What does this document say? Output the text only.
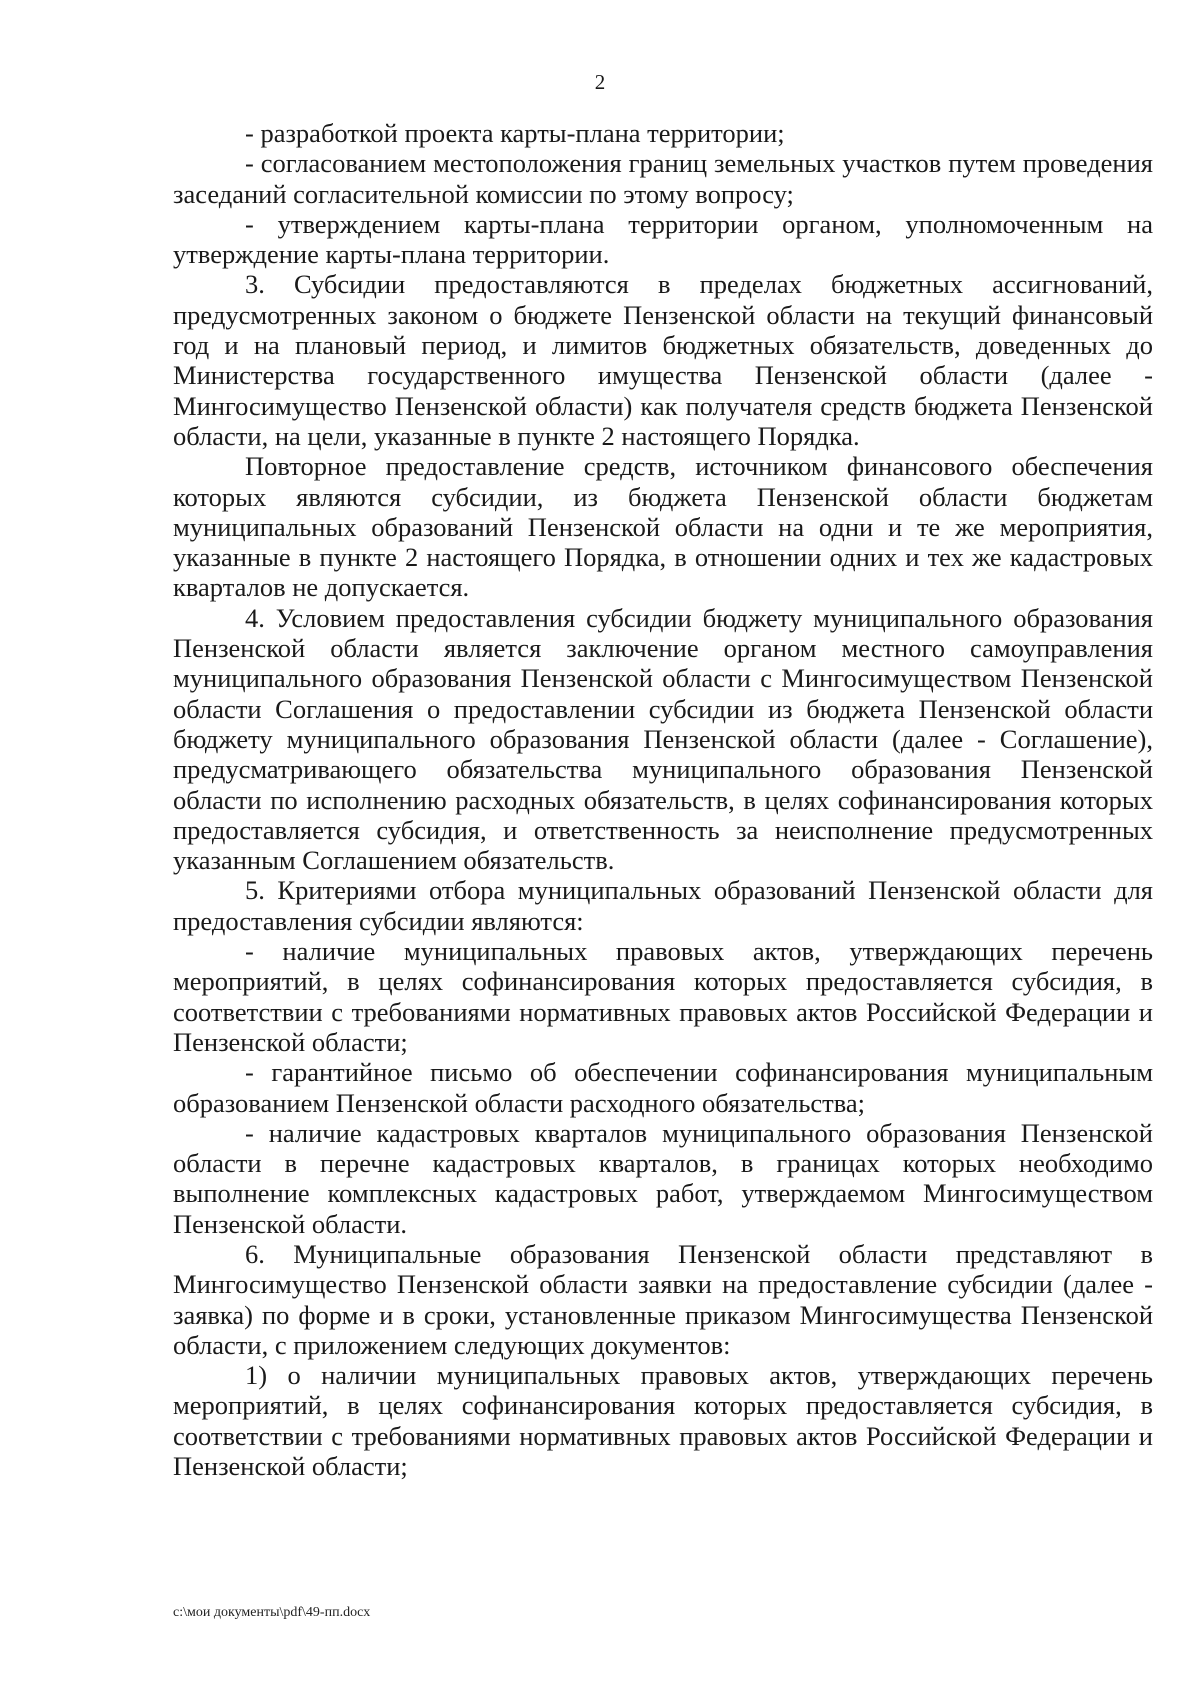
2

- разработкой проекта карты-плана территории;

- согласованием местоположения границ земельных участков путем проведения заседаний согласительной комиссии по этому вопросу;

- утверждением карты-плана территории органом, уполномоченным на утверждение карты-плана территории.

3. Субсидии предоставляются в пределах бюджетных ассигнований, предусмотренных законом о бюджете Пензенской области на текущий финансовый год и на плановый период, и лимитов бюджетных обязательств, доведенных до Министерства государственного имущества Пензенской области (далее - Мингосимущество Пензенской области) как получателя средств бюджета Пензенской области, на цели, указанные в пункте 2 настоящего Порядка.

Повторное предоставление средств, источником финансового обеспечения которых являются субсидии, из бюджета Пензенской области бюджетам муниципальных образований Пензенской области на одни и те же мероприятия, указанные в пункте 2 настоящего Порядка, в отношении одних и тех же кадастровых кварталов не допускается.

4. Условием предоставления субсидии бюджету муниципального образования Пензенской области является заключение органом местного самоуправления муниципального образования Пензенской области с Мингосимуществом Пензенской области Соглашения о предоставлении субсидии из бюджета Пензенской области бюджету муниципального образования Пензенской области (далее - Соглашение), предусматривающего обязательства муниципального образования Пензенской области по исполнению расходных обязательств, в целях софинансирования которых предоставляется субсидия, и ответственность за неисполнение предусмотренных указанным Соглашением обязательств.

5. Критериями отбора муниципальных образований Пензенской области для предоставления субсидии являются:

- наличие муниципальных правовых актов, утверждающих перечень мероприятий, в целях софинансирования которых предоставляется субсидия, в соответствии с требованиями нормативных правовых актов Российской Федерации и Пензенской области;

- гарантийное письмо об обеспечении софинансирования муниципальным образованием Пензенской области расходного обязательства;

- наличие кадастровых кварталов муниципального образования Пензенской области в перечне кадастровых кварталов, в границах которых необходимо выполнение комплексных кадастровых работ, утверждаемом Мингосимуществом Пензенской области.

6. Муниципальные образования Пензенской области представляют в Мингосимущество Пензенской области заявки на предоставление субсидии (далее - заявка) по форме и в сроки, установленные приказом Мингосимущества Пензенской области, с приложением следующих документов:

1) о наличии муниципальных правовых актов, утверждающих перечень мероприятий, в целях софинансирования которых предоставляется субсидия, в соответствии с требованиями нормативных правовых актов Российской Федерации и Пензенской области;

c:\мои документы\pdf\49-пп.docx
